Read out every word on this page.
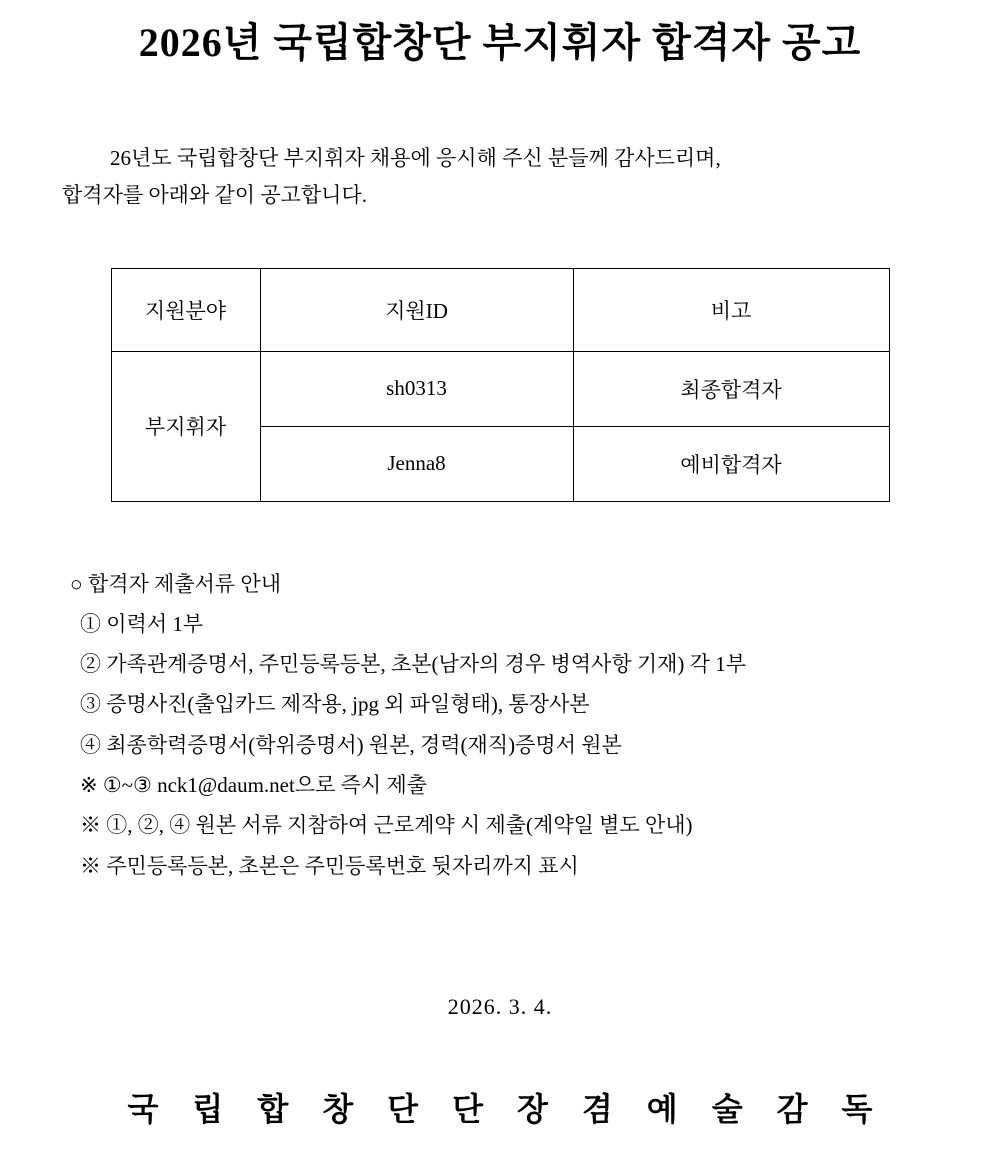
2026년 국립합창단 부지휘자 합격자 공고
26년도 국립합창단 부지휘자 채용에 응시해 주신 분들께 감사드리며,
합격자를 아래와 같이 공고합니다.
지원분야	지원ID	비고
부지휘자	sh0313	최종합격자
	Jenna8	예비합격자
○ 합격자 제출서류 안내
① 이력서 1부
② 가족관계증명서, 주민등록등본, 초본(남자의 경우 병역사항 기재) 각 1부
③ 증명사진(출입카드 제작용, jpg 외 파일형태), 통장사본
④ 최종학력증명서(학위증명서) 원본, 경력(재직)증명서 원본
※ ①~③ nck1@daum.net으로 즉시 제출
※ ①, ②, ④ 원본 서류 지참하여 근로계약 시 제출(계약일 별도 안내)
※ 주민등록등본, 초본은 주민등록번호 뒷자리까지 표시
2026. 3. 4.
국 립 합 창 단 단 장 겸 예 술 감 독
